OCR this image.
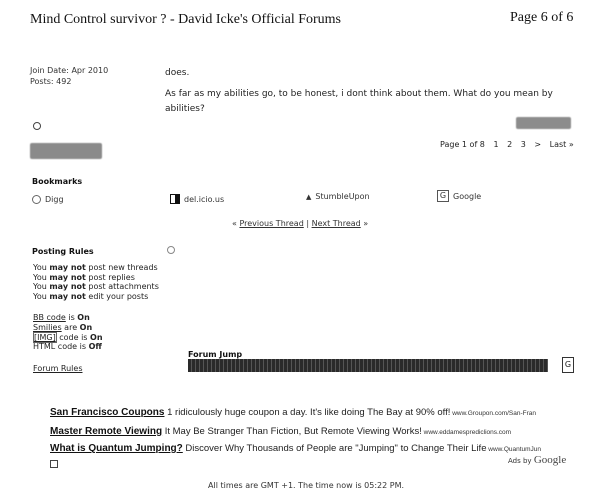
Mind Control survivor ? - David Icke's Official Forums	Page 6 of 6
Join Date: Apr 2010
Posts: 492

does.

As far as my abilities go, to be honest, i dont think about them. What do you mean by abilities?

Page 1 of 8 1 2 3 > Last »
Bookmarks
Digg	del.icio.us	▲ StumbleUpon	G Google
« Previous Thread | Next Thread »
Posting Rules
You may not post new threads
You may not post replies
You may not post attachments
You may not edit your posts
BB code is On
Smilies are On
[IMG] code is On
HTML code is Off
Forum Rules
Forum Jump
G
San Francisco Coupons 1 ridiculously huge coupon a day. It's like doing The Bay at 90% off! www.Groupon.com/San-Fran
Master Remote Viewing It May Be Stranger Than Fiction, But Remote Viewing Works! www.eddamesprediclions.com
What is Quantum Jumping? Discover Why Thousands of People are "Jumping" to Change Their Life www.QuantumJun
Ads by Google
All times are GMT +1. The time now is 05:22 PM.
